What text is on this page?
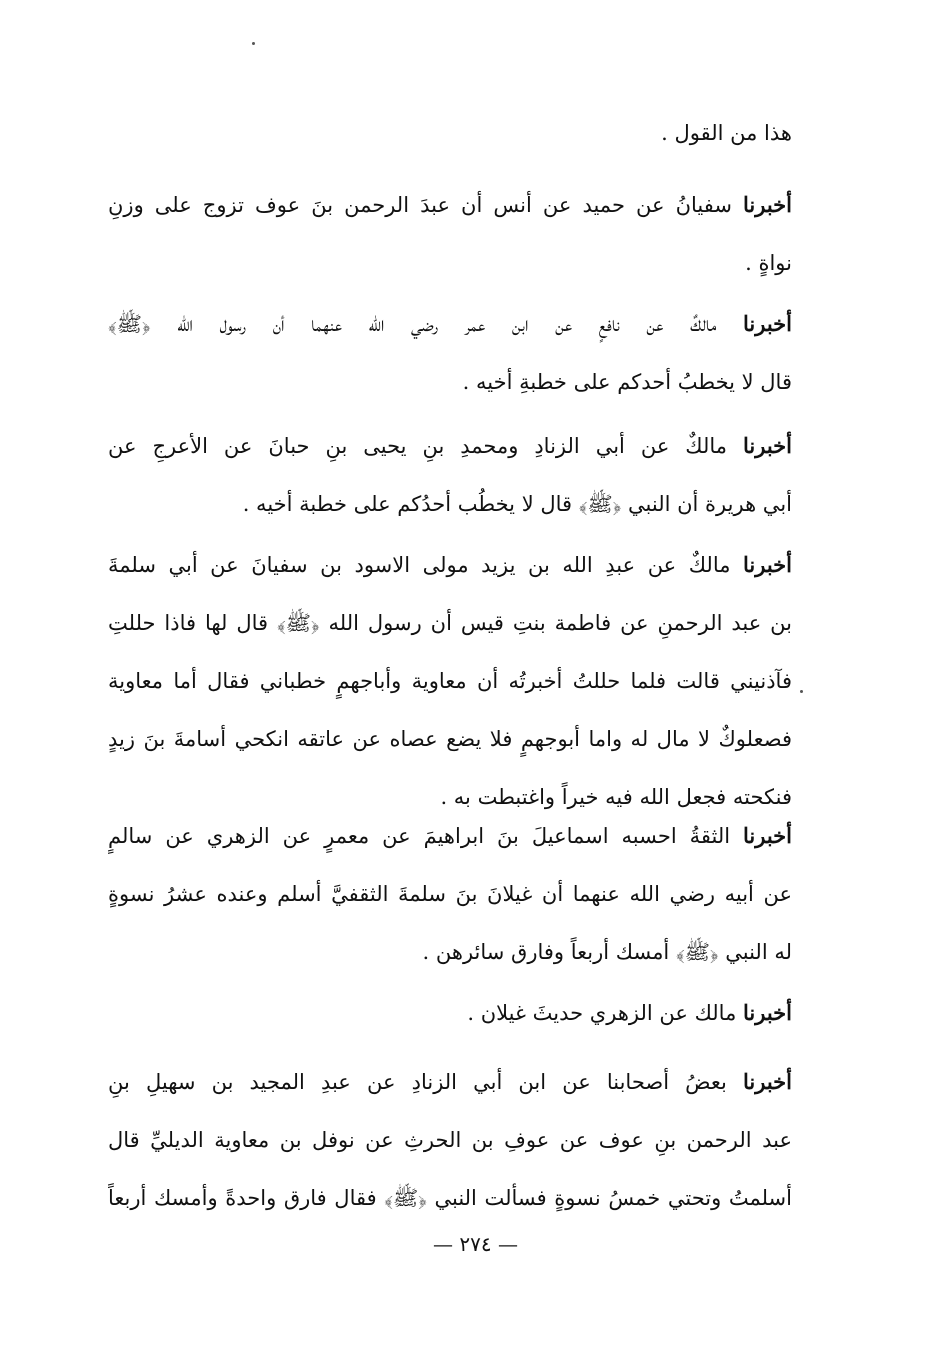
هذا من القول .
أخبرنا سفيانُ عن حميد عن أنس أن عبدَ الرحمن بنَ عوف تزوج على وزنِ
نواةٍ .
أخبرنا مالكٌ عن نافعٍ عن ابن عمر رضي الله عنهما أن رسول الله ﴿ﷺ﴾
قال لا يخطبُ أحدكم على خطبةِ أخيه .
أخبرنا مالكٌ عن أبي الزنادِ ومحمدِ بنِ يحيى بنِ حبانَ عن الأعرجِ عن
أبي هريرة أن النبي ﴿ﷺ﴾ قال لا يخطُب أحدُكم على خطبة أخيه .
أخبرنا مالكٌ عن عبدِ الله بن يزيد مولى الاسود بن سفيانَ عن أبي سلمةَ
بن عبد الرحمنِ عن فاطمة بنتِ قيس أن رسول الله ﴿ﷺ﴾ قال لها فاذا حللتِ
فآذنيني قالت فلما حللتُ أخبرتُه أن معاوية وأباجهمٍ خطباني فقال أما معاوية
فصعلوكٌ لا مال له واما أبوجهمٍ فلا يضع عصاه عن عاتقه انكحي أسامةَ بنَ زيدٍ
فنكحته فجعل الله فيه خيراً واغتبطت به .
أخبرنا الثقةُ احسبه اسماعيلَ بنَ ابراهيمَ عن معمرٍ عن الزهري عن سالمٍ
عن أبيه رضي الله عنهما أن غيلانَ بنَ سلمةَ الثقفيَّ أسلم وعنده عشرُ نسوةٍ
له النبي ﴿ﷺ﴾ أمسك أربعاً وفارق سائرهن .
أخبرنا مالك عن الزهري حديثَ غيلان .
أخبرنا بعضُ أصحابنا عن ابن أبي الزنادِ عن عبدِ المجيد بن سهيلِ بنِ
عبد الرحمن بنِ عوف عن عوفِ بن الحرثِ عن نوفل بن معاوية الديليِّ قال
أسلمتُ وتحتي خمسُ نسوةٍ فسألت النبي ﴿ﷺ﴾ فقال فارق واحدةً وأمسك أربعاً
— ٢٧٤ —
